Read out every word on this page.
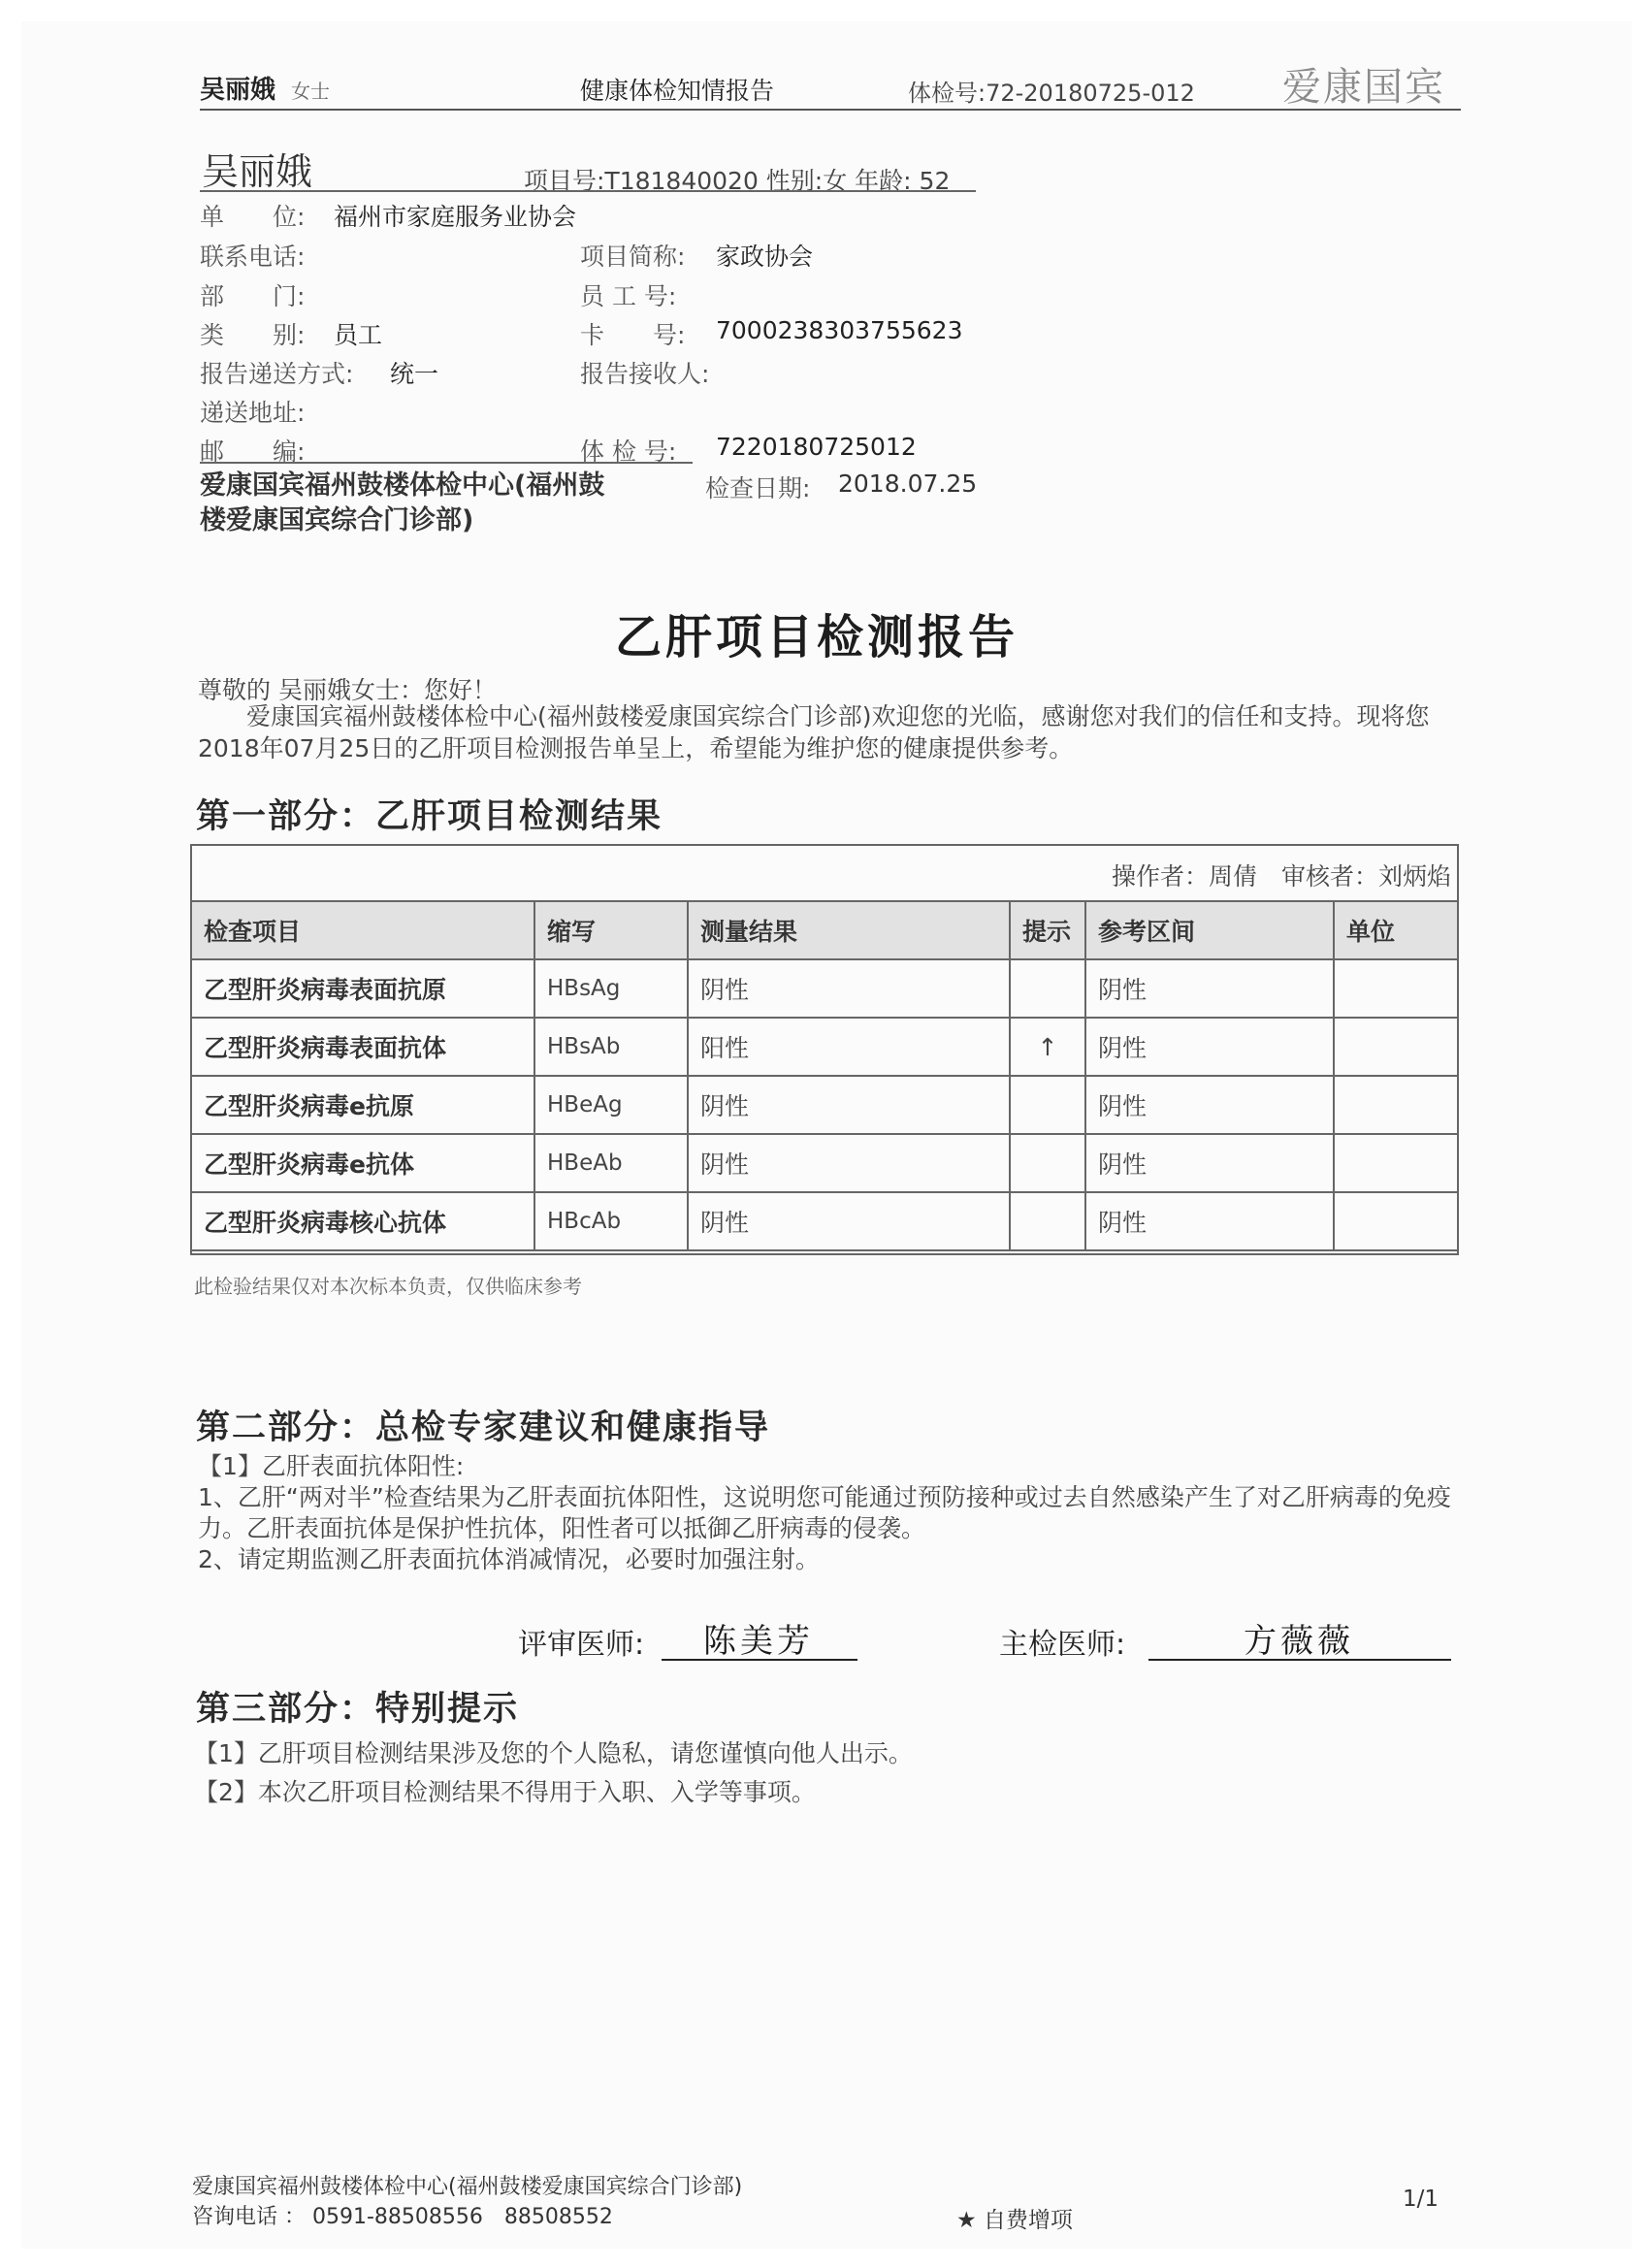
吴丽娥 女士	健康体检知情报告	体检号:72-20180725-012 爱康国宾
吴丽娥	项目号:T181840020 性别:女 年龄: 52
单　　位: 福州市家庭服务业协会
联系电话:	项目简称: 家政协会
部　　门:	员 工 号:
类　　别: 员工	卡　　号: 7000238303755623
报告递送方式: 统一	报告接收人:
递送地址:
邮　　编:	体 检 号: 7220180725012
爱康国宾福州鼓楼体检中心(福州鼓楼爱康国宾综合门诊部)
检查日期: 2018.07.25
乙肝项目检测报告
尊敬的 吴丽娥女士：您好！
爱康国宾福州鼓楼体检中心(福州鼓楼爱康国宾综合门诊部)欢迎您的光临，感谢您对我们的信任和支持。现将您2018年07月25日的乙肝项目检测报告单呈上，希望能为维护您的健康提供参考。
第一部分：乙肝项目检测结果
操作者：周倩　审核者：刘炳焰
检查项目	缩写	测量结果	提示	参考区间	单位
乙型肝炎病毒表面抗原	HBsAg	阴性		阴性	
乙型肝炎病毒表面抗体	HBsAb	阳性	↑	阴性	
乙型肝炎病毒e抗原	HBeAg	阴性		阴性	
乙型肝炎病毒e抗体	HBeAb	阴性		阴性	
乙型肝炎病毒核心抗体	HBcAb	阴性		阴性	
此检验结果仅对本次标本负责，仅供临床参考
第二部分：总检专家建议和健康指导
【1】乙肝表面抗体阳性:
1、乙肝“两对半”检查结果为乙肝表面抗体阳性，这说明您可能通过预防接种或过去自然感染产生了对乙肝病毒的免疫力。乙肝表面抗体是保护性抗体，阳性者可以抵御乙肝病毒的侵袭。
2、请定期监测乙肝表面抗体消减情况，必要时加强注射。
评审医师:	陈美芳	主检医师:	方薇薇
第三部分：特别提示
【1】乙肝项目检测结果涉及您的个人隐私，请您谨慎向他人出示。
【2】本次乙肝项目检测结果不得用于入职、入学等事项。
爱康国宾福州鼓楼体检中心(福州鼓楼爱康国宾综合门诊部)
咨询电话 ： 0591-88508556　88508552	★ 自费增项
1/1
